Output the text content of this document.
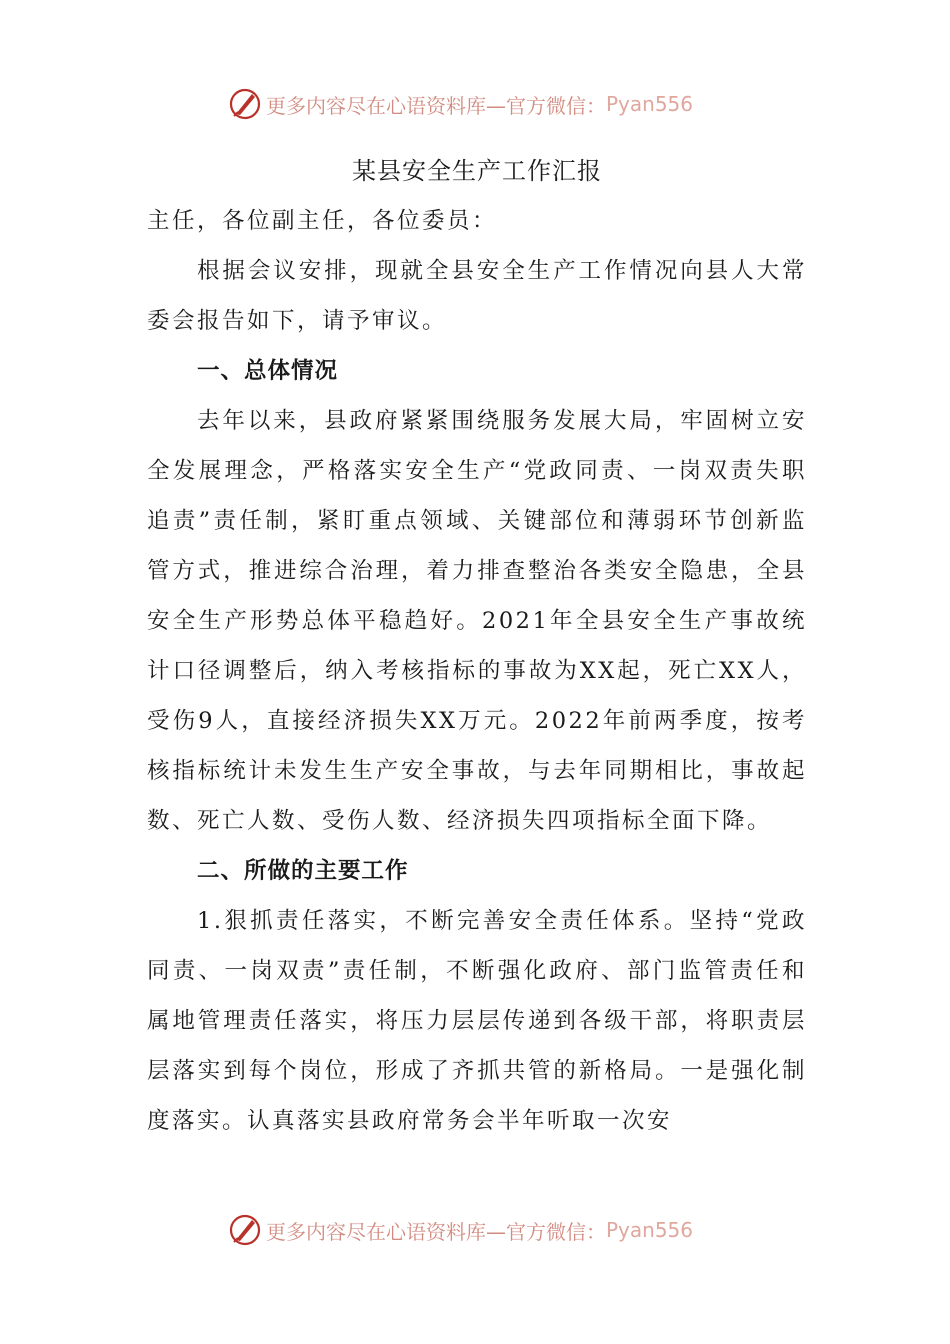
更多内容尽在心语资料库—官方微信： Pyan556
某县安全生产工作汇报

主任，各位副主任，各位委员：

根据会议安排，现就全县安全生产工作情况向县人大常委会报告如下，请予审议。

一、总体情况

去年以来，县政府紧紧围绕服务发展大局，牢固树立安全发展理念，严格落实安全生产“党政同责、一岗双责失职追责”责任制，紧盯重点领域、关键部位和薄弱环节创新监管方式，推进综合治理，着力排查整治各类安全隐患，全县安全生产形势总体平稳趋好。2021年全县安全生产事故统计口径调整后，纳入考核指标的事故为XX起，死亡XX人，受伤9人，直接经济损失XX万元。2022年前两季度，按考核指标统计未发生生产安全事故，与去年同期相比，事故起数、死亡人数、受伤人数、经济损失四项指标全面下降。

二、所做的主要工作

1.狠抓责任落实，不断完善安全责任体系。坚持“党政同责、一岗双责”责任制，不断强化政府、部门监管责任和属地管理责任落实，将压力层层传递到各级干部，将职责层层落实到每个岗位，形成了齐抓共管的新格局。一是强化制度落实。认真落实县政府常务会半年听取一次安

更多内容尽在心语资料库—官方微信： Pyan556
